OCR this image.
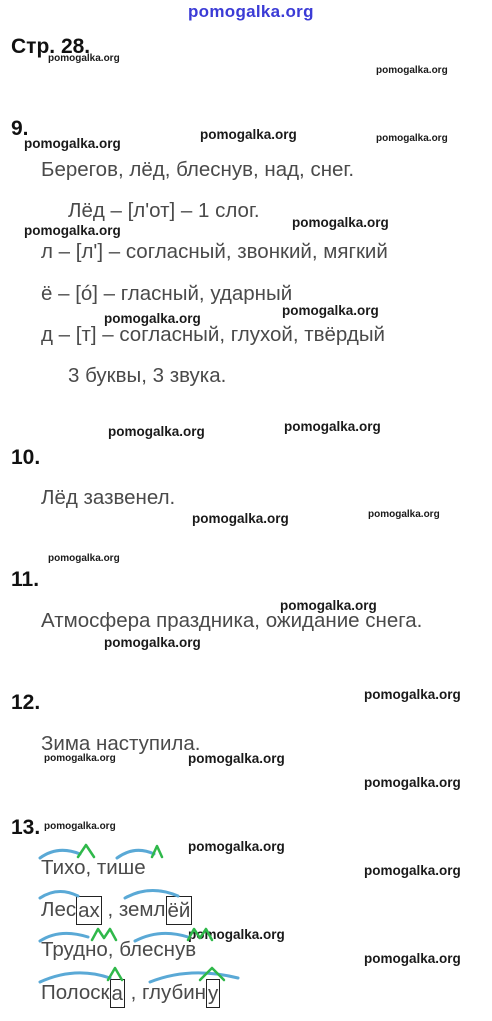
pomogalka.org
pomogalka.org
pomogalka.org
pomogalka.org
pomogalka.org	pomogalka.org
pomogalka.org
pomogalka.org
pomogalka.org
pomogalka.org
pomogalka.org	pomogalka.org
pomogalka.org	pomogalka.org
pomogalka.org
pomogalka.org
pomogalka.org
pomogalka.org
pomogalka.org	pomogalka.org
pomogalka.org
pomogalka.org
pomogalka.org
pomogalka.org
pomogalka.org
pomogalka.org
Стр. 28.
9.
Берегов, лёд, блеснув, над, снег.
Лёд – [л'от] – 1 слог.
л – [л'] – согласный, звонкий, мягкий
ё – [ó] – гласный, ударный
д – [т] – согласный, глухой, твёрдый
3 буквы, 3 звука.
10.
Лёд зазвенел.
11.
Атмосфера праздника, ожидание снега.
12.
Зима наступила.
13.
Тихо, тише
Лесах , землёй
Трудно, блеснув
Полоска , глубину
